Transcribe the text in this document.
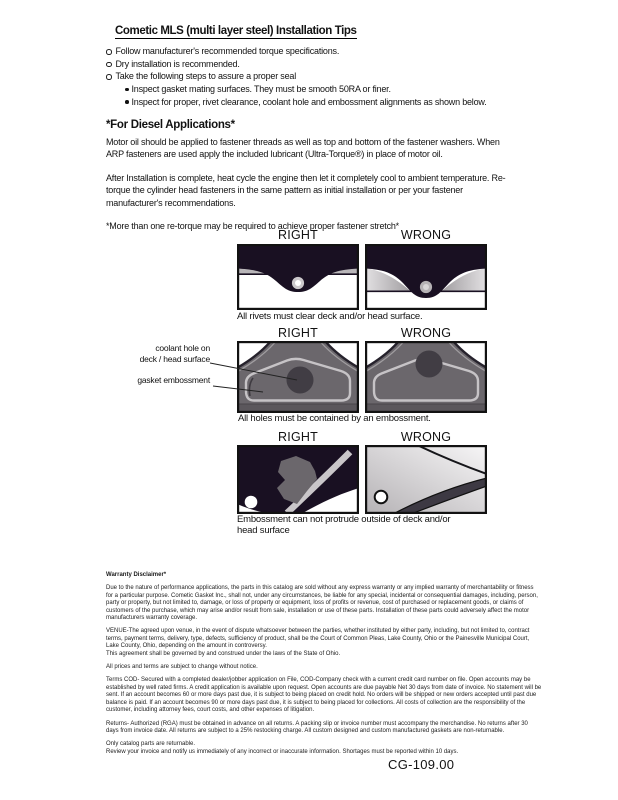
Cometic MLS (multi layer steel) Installation Tips
Follow manufacturer's recommended torque specifications.
Dry installation is recommended.
Take the following steps to assure a proper seal
Inspect gasket mating surfaces. They must be smooth 50RA or finer.
Inspect for proper, rivet clearance, coolant hole and embossment alignments as shown below.
*For Diesel Applications*

Motor oil should be applied to fastener threads as well as top and bottom of the fastener washers. When ARP fasteners are used apply the included lubricant (Ultra-Torque®) in place of motor oil.

After Installation is complete, heat cycle the engine then let it completely cool to ambient temperature. Re-torque the cylinder head fasteners in the same pattern as initial installation or per your fastener manufacturer's recommendations.

*More than one re-torque may be required to achieve proper fastener stretch*

RIGHT	WRONG
All rivets must clear deck and/or head surface.
RIGHT	WRONG
coolant hole on
deck / head surface
gasket embossment
All holes must be contained by an embossment.
RIGHT	WRONG
Embossment can not protrude outside of deck and/or head surface

Warranty Disclaimer*

Due to the nature of performance applications, the parts in this catalog are sold without any express warranty or any implied warranty of merchantability or fitness for a particular purpose. Cometic Gasket Inc., shall not, under any circumstances, be liable for any special, incidental or consequential damages, including, person, party or property, but not limited to, damage, or loss of property or equipment, loss of profits or revenue, cost of purchased or replacement goods, or claims of customers of the purchase, which may arise and/or result from sale, installation or use of these parts. Installation of these parts could adversely affect the motor manufacturers warranty coverage.

VENUE-The agreed upon venue, in the event of dispute whatsoever between the parties, whether instituted by either party, including, but not limited to, contract terms, payment terms, delivery, type, defects, sufficiency of product, shall be the Court of Common Pleas, Lake County, Ohio or the Painesville Municipal Court, Lake County, Ohio, depending on the amount in controversy.

This agreement shall be governed by and construed under the laws of the State of Ohio.

All prices and terms are subject to change without notice.

Terms COD- Secured with a completed dealer/jobber application on File, COD-Company check with a current credit card number on file. Open accounts may be established by well rated firms. A credit application is available upon request. Open accounts are due payable Net 30 days from date of invoice. No statement will be sent. If an account becomes 60 or more days past due, it is subject to being placed on credit hold. No orders will be shipped or new orders accepted until past due balance is paid. If an account becomes 90 or more days past due, it is subject to being placed for collections. All costs of collection are the responsibility of the customer, including attorney fees, court costs, and other expenses of litigation.

Returns- Authorized (RGA) must be obtained in advance on all returns. A packing slip or invoice number must accompany the merchandise. No returns after 30 days from invoice date. All returns are subject to a 25% restocking charge. All custom designed and custom manufactured gaskets are non-returnable.

Only catalog parts are returnable.

Review your invoice and notify us immediately of any incorrect or inaccurate information. Shortages must be reported within 10 days.

CG-109.00
